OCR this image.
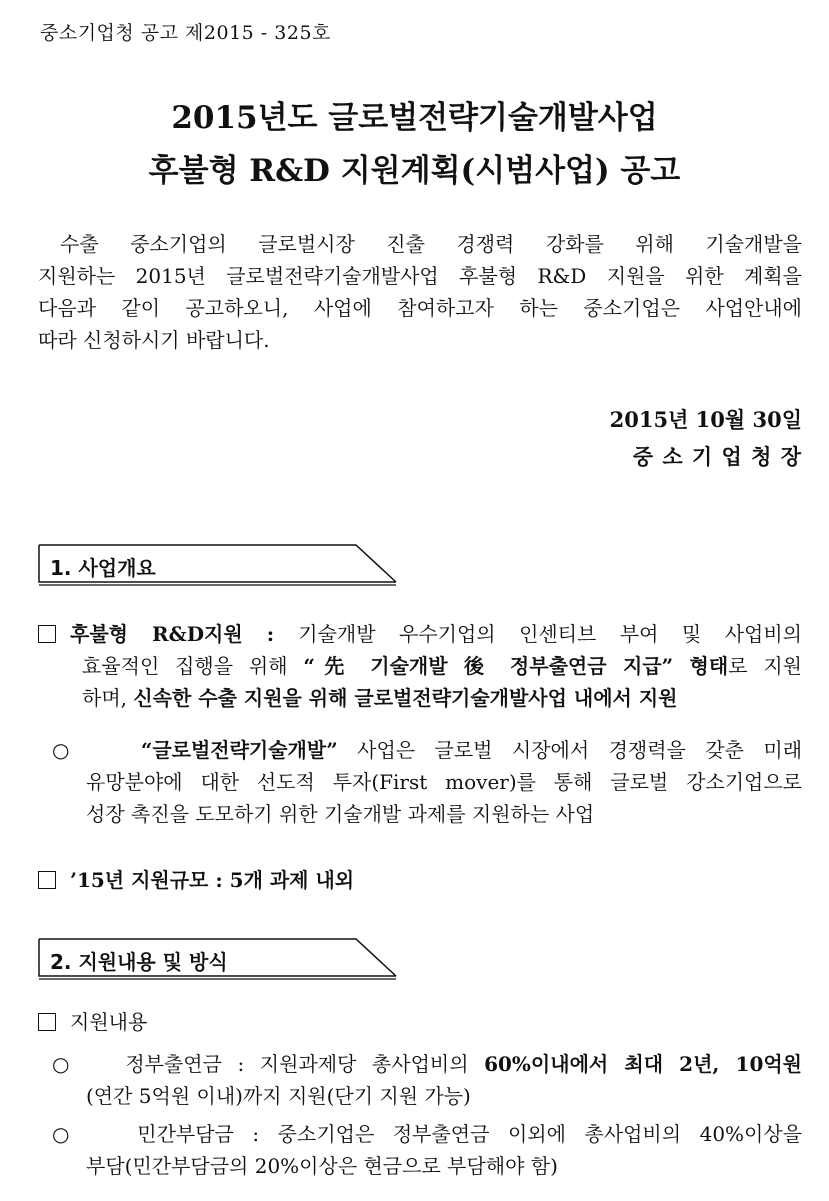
중소기업청 공고 제2015 - 325호
2015년도 글로벌전략기술개발사업
후불형 R&D 지원계획(시범사업) 공고
수출 중소기업의 글로벌시장 진출 경쟁력 강화를 위해 기술개발을
지원하는 2015년 글로벌전략기술개발사업 후불형 R&D 지원을 위한 계획을
다음과 같이 공고하오니, 사업에 참여하고자 하는 중소기업은 사업안내에
따라 신청하시기 바랍니다.
2015년 10월 30일
중 소 기 업 청 장
1. 사업개요
후불형 R&D지원 : 기술개발 우수기업의 인센티브 부여 및 사업비의
효율적인 집행을 위해 “先 기술개발 後 정부출연금 지급” 형태로 지원
하며, 신속한 수출 지원을 위해 글로벌전략기술개발사업 내에서 지원
○	“글로벌전략기술개발” 사업은 글로벌 시장에서 경쟁력을 갖춘 미래
유망분야에 대한 선도적 투자(First mover)를 통해 글로벌 강소기업으로
성장 촉진을 도모하기 위한 기술개발 과제를 지원하는 사업
’15년 지원규모 : 5개 과제 내외
2. 지원내용 및 방식
지원내용
○ 정부출연금 : 지원과제당 총사업비의 60%이내에서 최대 2년, 10억원
(연간 5억원 이내)까지 지원(단기 지원 가능)
○	민간부담금 : 중소기업은 정부출연금 이외에 총사업비의 40%이상을
부담(민간부담금의 20%이상은 현금으로 부담해야 함)
